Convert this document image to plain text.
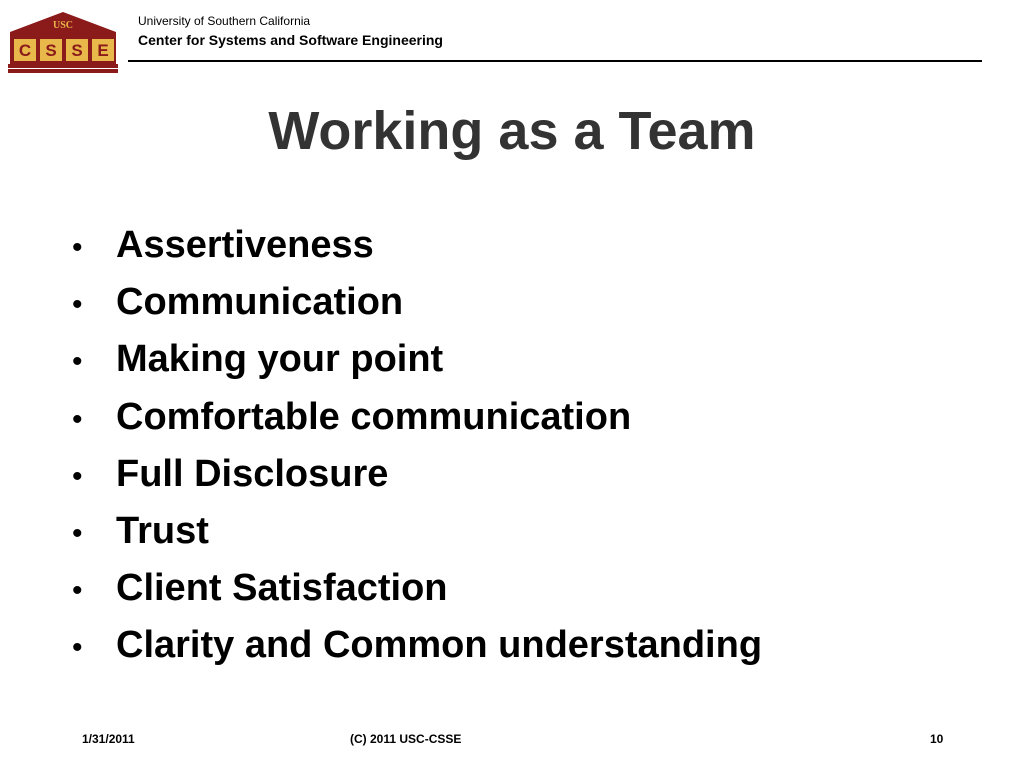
USC
C S S E
University of Southern California
Center for Systems and Software Engineering
Working as a Team
• Assertiveness
• Communication
• Making your point
• Comfortable communication
• Full Disclosure
• Trust
• Client Satisfaction
• Clarity and Common understanding
1/31/2011	(C) 2011 USC-CSSE	10
